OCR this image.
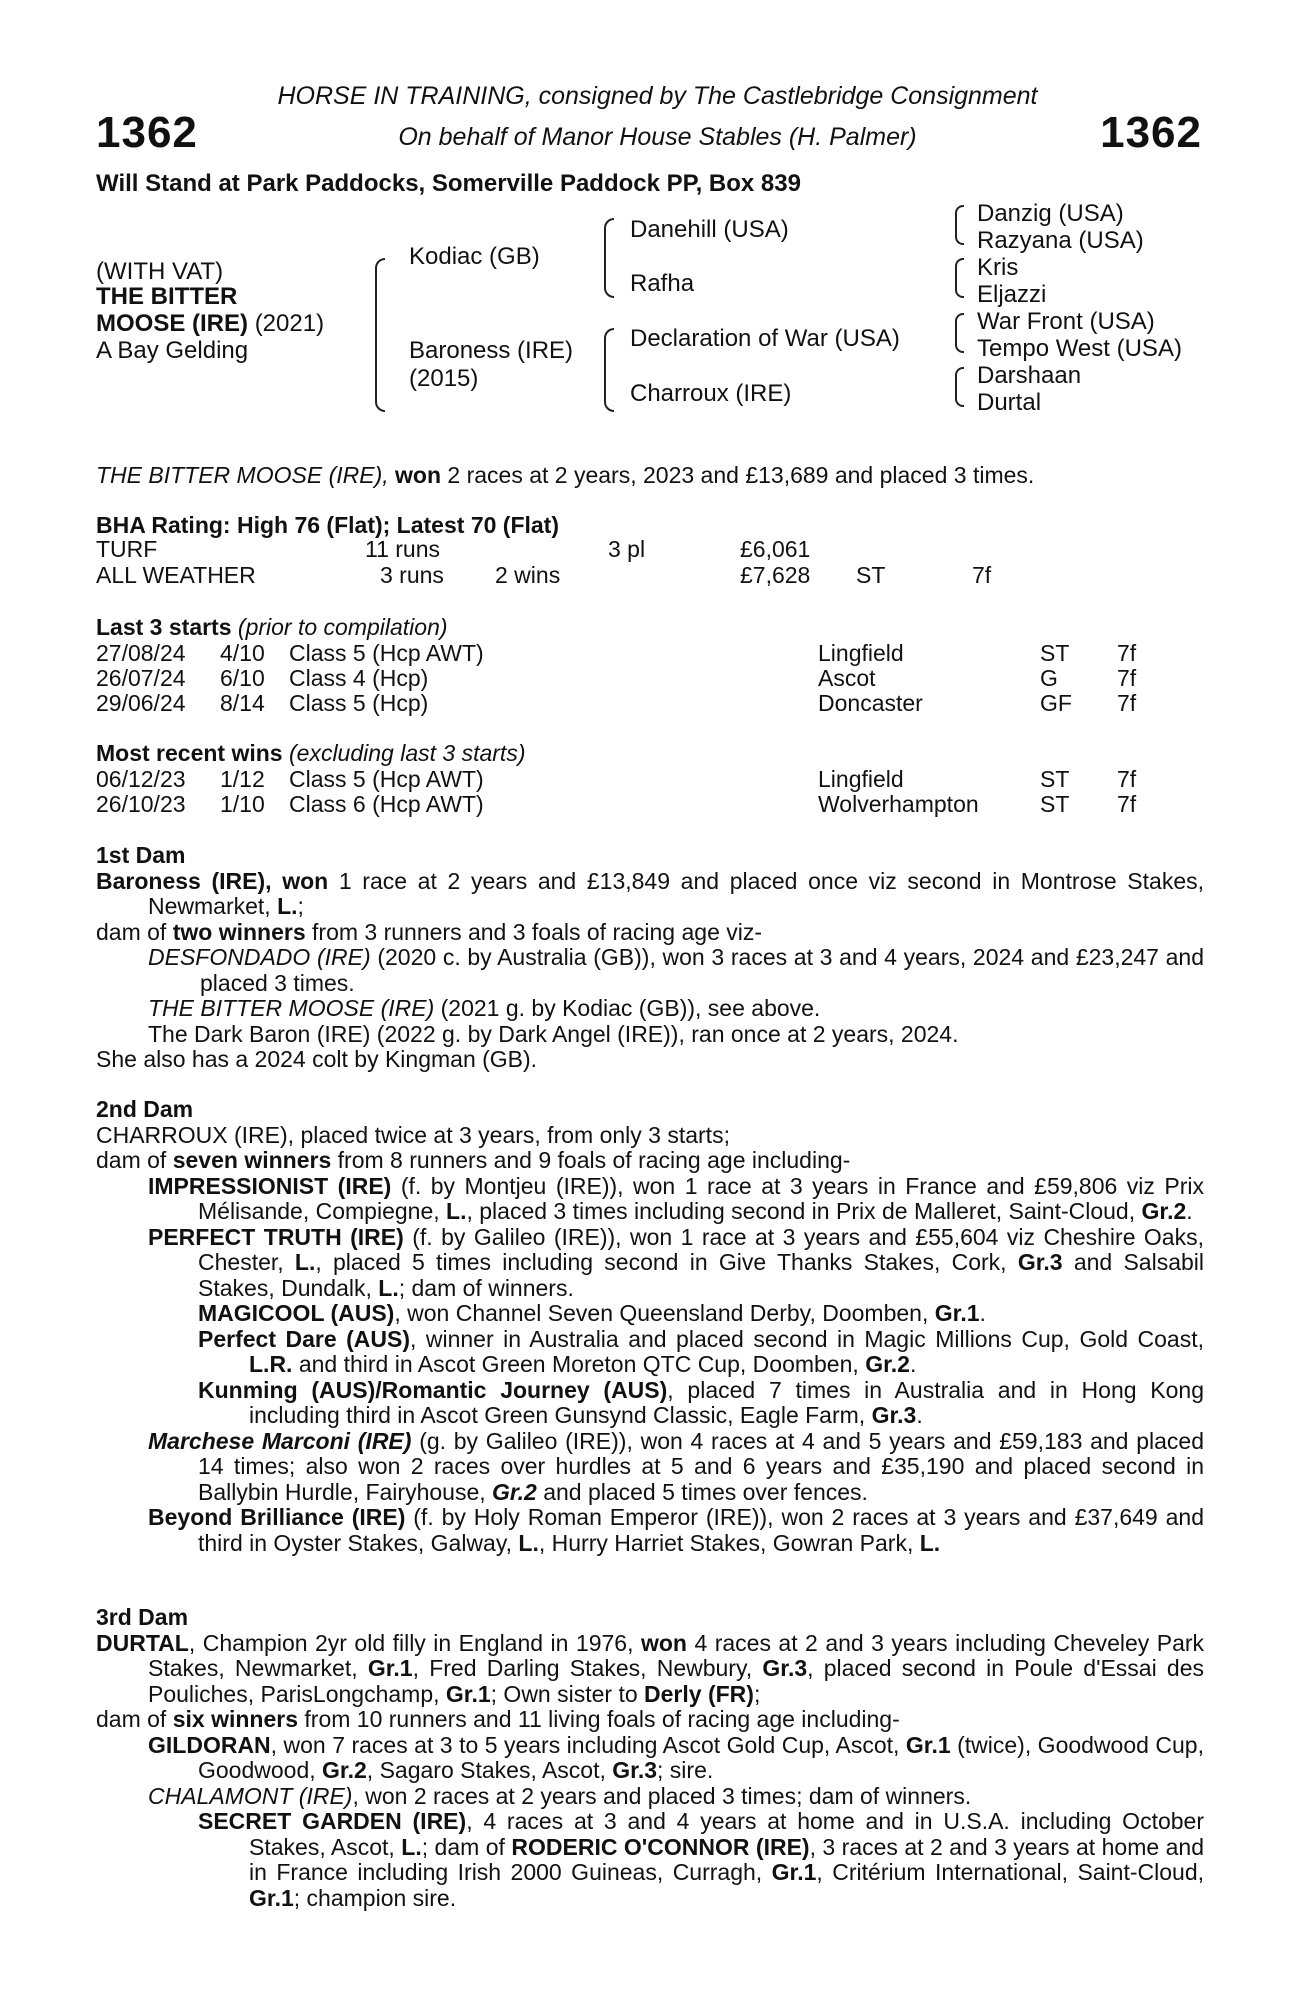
1362	1362
HORSE IN TRAINING, consigned by The Castlebridge Consignment
On behalf of Manor House Stables (H. Palmer)
Will Stand at Park Paddocks, Somerville Paddock PP, Box 839
(WITH VAT)
THE BITTER
MOOSE (IRE) (2021)
A Bay Gelding
Kodiac (GB)
Baroness (IRE)
(2015)
Danehill (USA)
Rafha
Declaration of War (USA)
Charroux (IRE)
Danzig (USA)
Razyana (USA)
Kris
Eljazzi
War Front (USA)
Tempo West (USA)
Darshaan
Durtal
THE BITTER MOOSE (IRE), won 2 races at 2 years, 2023 and £13,689 and placed 3 times.
BHA Rating: High 76 (Flat); Latest 70 (Flat)
TURF	11 runs	3 pl	£6,061
ALL WEATHER	3 runs 2 wins	£7,628 ST	7f
Last 3 starts (prior to compilation)
27/08/24 4/10 Class 5 (Hcp AWT)	Lingfield	ST 7f
26/07/24 6/10 Class 4 (Hcp)	Ascot	G	7f
29/06/24 8/14 Class 5 (Hcp)	Doncaster	GF 7f
Most recent wins (excluding last 3 starts)
06/12/23 1/12 Class 5 (Hcp AWT)	Lingfield	ST 7f
26/10/23 1/10 Class 6 (Hcp AWT)	Wolverhampton	ST 7f

1st Dam

Baroness (IRE), won 1 race at 2 years and £13,849 and placed once viz second in Montrose Stakes, Newmarket, L.;

dam of two winners from 3 runners and 3 foals of racing age viz-

DESFONDADO (IRE) (2020 c. by Australia (GB)), won 3 races at 3 and 4 years, 2024 and £23,247 and placed 3 times.

THE BITTER MOOSE (IRE) (2021 g. by Kodiac (GB)), see above.

The Dark Baron (IRE) (2022 g. by Dark Angel (IRE)), ran once at 2 years, 2024.

She also has a 2024 colt by Kingman (GB).

2nd Dam

CHARROUX (IRE), placed twice at 3 years, from only 3 starts;

dam of seven winners from 8 runners and 9 foals of racing age including-

IMPRESSIONIST (IRE) (f. by Montjeu (IRE)), won 1 race at 3 years in France and £59,806 viz Prix Mélisande, Compiegne, L., placed 3 times including second in Prix de Malleret, Saint-Cloud, Gr.2.

PERFECT TRUTH (IRE) (f. by Galileo (IRE)), won 1 race at 3 years and £55,604 viz Cheshire Oaks, Chester, L., placed 5 times including second in Give Thanks Stakes, Cork, Gr.3 and Salsabil Stakes, Dundalk, L.; dam of winners.

MAGICOOL (AUS), won Channel Seven Queensland Derby, Doomben, Gr.1.

Perfect Dare (AUS), winner in Australia and placed second in Magic Millions Cup, Gold Coast, L.R. and third in Ascot Green Moreton QTC Cup, Doomben, Gr.2.

Kunming (AUS)/Romantic Journey (AUS), placed 7 times in Australia and in Hong Kong including third in Ascot Green Gunsynd Classic, Eagle Farm, Gr.3.

Marchese Marconi (IRE) (g. by Galileo (IRE)), won 4 races at 4 and 5 years and £59,183 and placed 14 times; also won 2 races over hurdles at 5 and 6 years and £35,190 and placed second in Ballybin Hurdle, Fairyhouse, Gr.2 and placed 5 times over fences.

Beyond Brilliance (IRE) (f. by Holy Roman Emperor (IRE)), won 2 races at 3 years and £37,649 and third in Oyster Stakes, Galway, L., Hurry Harriet Stakes, Gowran Park, L.

3rd Dam

DURTAL, Champion 2yr old filly in England in 1976, won 4 races at 2 and 3 years including Cheveley Park Stakes, Newmarket, Gr.1, Fred Darling Stakes, Newbury, Gr.3, placed second in Poule d'Essai des Pouliches, ParisLongchamp, Gr.1; Own sister to Derly (FR);

dam of six winners from 10 runners and 11 living foals of racing age including-

GILDORAN, won 7 races at 3 to 5 years including Ascot Gold Cup, Ascot, Gr.1 (twice), Goodwood Cup, Goodwood, Gr.2, Sagaro Stakes, Ascot, Gr.3; sire.

CHALAMONT (IRE), won 2 races at 2 years and placed 3 times; dam of winners.

SECRET GARDEN (IRE), 4 races at 3 and 4 years at home and in U.S.A. including October Stakes, Ascot, L.; dam of RODERIC O'CONNOR (IRE), 3 races at 2 and 3 years at home and in France including Irish 2000 Guineas, Curragh, Gr.1, Critérium International, Saint-Cloud, Gr.1; champion sire.
